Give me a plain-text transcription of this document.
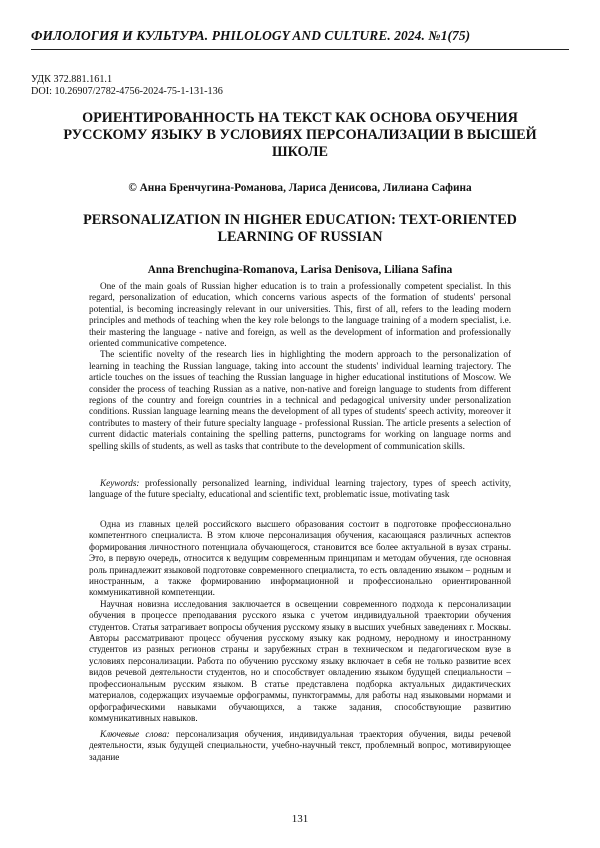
ФИЛОЛОГИЯ И КУЛЬТУРА. PHILOLOGY AND CULTURE. 2024. №1(75)
УДК 372.881.161.1
DOI: 10.26907/2782-4756-2024-75-1-131-136
ОРИЕНТИРОВАННОСТЬ НА ТЕКСТ КАК ОСНОВА ОБУЧЕНИЯ РУССКОМУ ЯЗЫКУ В УСЛОВИЯХ ПЕРСОНАЛИЗАЦИИ В ВЫСШЕЙ ШКОЛЕ
© Анна Бренчугина-Романова, Лариса Денисова, Лилиана Сафина
PERSONALIZATION IN HIGHER EDUCATION: TEXT-ORIENTED LEARNING OF RUSSIAN
Anna Brenchugina-Romanova, Larisa Denisova, Liliana Safina

One of the main goals of Russian higher education is to train a professionally competent specialist. In this regard, personalization of education, which concerns various aspects of the formation of students' personal potential, is becoming increasingly relevant in our universities. This, first of all, refers to the leading modern principles and methods of teaching when the key role belongs to the language training of a modern specialist, i.e. their mastering the language - native and foreign, as well as the development of information and professionally oriented communicative competence.

The scientific novelty of the research lies in highlighting the modern approach to the personalization of learning in teaching the Russian language, taking into account the students' individual learning trajectory. The article touches on the issues of teaching the Russian language in higher educational institutions of Moscow. We consider the process of teaching Russian as a native, non-native and foreign language to students from different regions of the country and foreign countries in a technical and pedagogical university under personalization conditions. Russian language learning means the development of all types of students' speech activity, moreover it contributes to mastery of their future specialty language - professional Russian. The article presents a selection of current didactic materials containing the spelling patterns, punctograms for working on language norms and spelling skills of students, as well as tasks that contribute to the development of communication skills.

Keywords: professionally personalized learning, individual learning trajectory, types of speech activity, language of the future specialty, educational and scientific text, problematic issue, motivating task

Одна из главных целей российского высшего образования состоит в подготовке профессионально компетентного специалиста. В этом ключе персонализация обучения, касающаяся различных аспектов формирования личностного потенциала обучающегося, становится все более актуальной в вузах страны. Это, в первую очередь, относится к ведущим современным принципам и методам обучения, где основная роль принадлежит языковой подготовке современного специалиста, то есть овладению языком – родным и иностранным, а также формированию информационной и профессионально ориентированной коммуникативной компетенции.

Научная новизна исследования заключается в освещении современного подхода к персонализации обучения в процессе преподавания русского языка с учетом индивидуальной траектории обучения студентов. Статья затрагивает вопросы обучения русскому языку в высших учебных заведениях г. Москвы. Авторы рассматривают процесс обучения русскому языку как родному, неродному и иностранному студентов из разных регионов страны и зарубежных стран в техническом и педагогическом вузе в условиях персонализации. Работа по обучению русскому языку включает в себя не только развитие всех видов речевой деятельности студентов, но и способствует овладению языком будущей специальности – профессиональным русским языком. В статье представлена подборка актуальных дидактических материалов, содержащих изучаемые орфограммы, пунктограммы, для работы над языковыми нормами и орфографическими навыками обучающихся, а также задания, способствующие развитию коммуникативных навыков.

Ключевые слова: персонализация обучения, индивидуальная траектория обучения, виды речевой деятельности, язык будущей специальности, учебно-научный текст, проблемный вопрос, мотивирующее задание

131
